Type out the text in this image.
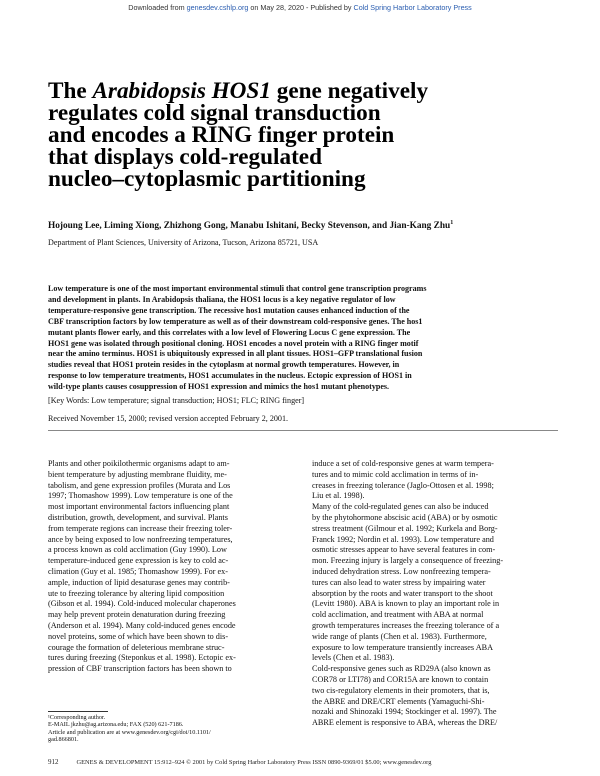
Downloaded from genesdev.cshlp.org on May 28, 2020 - Published by Cold Spring Harbor Laboratory Press
The Arabidopsis HOS1 gene negatively
regulates cold signal transduction
and encodes a RING finger protein
that displays cold-regulated
nucleo–cytoplasmic partitioning
Hojoung Lee, Liming Xiong, Zhizhong Gong, Manabu Ishitani, Becky Stevenson, and Jian-Kang Zhu$^1$
Department of Plant Sciences, University of Arizona, Tucson, Arizona 85721, USA
Low temperature is one of the most important environmental stimuli that control gene transcription programs
and development in plants. In Arabidopsis thaliana, the HOS1 locus is a key negative regulator of low
temperature-responsive gene transcription. The recessive hos1 mutation causes enhanced induction of the
CBF transcription factors by low temperature as well as of their downstream cold-responsive genes. The hos1
mutant plants flower early, and this correlates with a low level of Flowering Locus C gene expression. The
HOS1 gene was isolated through positional cloning. HOS1 encodes a novel protein with a RING finger motif
near the amino terminus. HOS1 is ubiquitously expressed in all plant tissues. HOS1–GFP translational fusion
studies reveal that HOS1 protein resides in the cytoplasm at normal growth temperatures. However, in
response to low temperature treatments, HOS1 accumulates in the nucleus. Ectopic expression of HOS1 in
wild-type plants causes cosuppression of HOS1 expression and mimics the hos1 mutant phenotypes.
[Key Words: Low temperature; signal transduction; HOS1; FLC; RING finger]
Received November 15, 2000; revised version accepted February 2, 2001.
Plants and other poikilothermic organisms adapt to am-
bient temperature by adjusting membrane fluidity, me-
tabolism, and gene expression profiles (Murata and Los
1997; Thomashow 1999). Low temperature is one of the
most important environmental factors influencing plant
distribution, growth, development, and survival. Plants
from temperate regions can increase their freezing toler-
ance by being exposed to low nonfreezing temperatures,
a process known as cold acclimation (Guy 1990). Low
temperature-induced gene expression is key to cold ac-
climation (Guy et al. 1985; Thomashow 1999). For ex-
ample, induction of lipid desaturase genes may contrib-
ute to freezing tolerance by altering lipid composition
(Gibson et al. 1994). Cold-induced molecular chaperones
may help prevent protein denaturation during freezing
(Anderson et al. 1994). Many cold-induced genes encode
novel proteins, some of which have been shown to dis-
courage the formation of deleterious membrane struc-
tures during freezing (Steponkus et al. 1998). Ectopic ex-
pression of CBF transcription factors has been shown to
induce a set of cold-responsive genes at warm tempera-
tures and to mimic cold acclimation in terms of in-
creases in freezing tolerance (Jaglo-Ottosen et al. 1998;
Liu et al. 1998).
Many of the cold-regulated genes can also be induced
by the phytohormone abscisic acid (ABA) or by osmotic
stress treatment (Gilmour et al. 1992; Kurkela and Borg-
Franck 1992; Nordin et al. 1993). Low temperature and
osmotic stresses appear to have several features in com-
mon. Freezing injury is largely a consequence of freezing-
induced dehydration stress. Low nonfreezing tempera-
tures can also lead to water stress by impairing water
absorption by the roots and water transport to the shoot
(Levitt 1980). ABA is known to play an important role in
cold acclimation, and treatment with ABA at normal
growth temperatures increases the freezing tolerance of a
wide range of plants (Chen et al. 1983). Furthermore,
exposure to low temperature transiently increases ABA
levels (Chen et al. 1983).
Cold-responsive genes such as RD29A (also known as
COR78 or LTI78) and COR15A are known to contain
two cis-regulatory elements in their promoters, that is,
the ABRE and DRE/CRT elements (Yamaguchi-Shi-
nozaki and Shinozaki 1994; Stockinger et al. 1997). The
ABRE element is responsive to ABA, whereas the DRE/
¹Corresponding author.
E-MAIL jkzhu@ag.arizona.edu; FAX (520) 621-7186.
Article and publication are at www.genesdev.org/cgi/doi/10.1101/
gad.866801.
912	GENES & DEVELOPMENT 15:912–924 © 2001 by Cold Spring Harbor Laboratory Press ISSN 0890-9369/01 $5.00; www.genesdev.org
